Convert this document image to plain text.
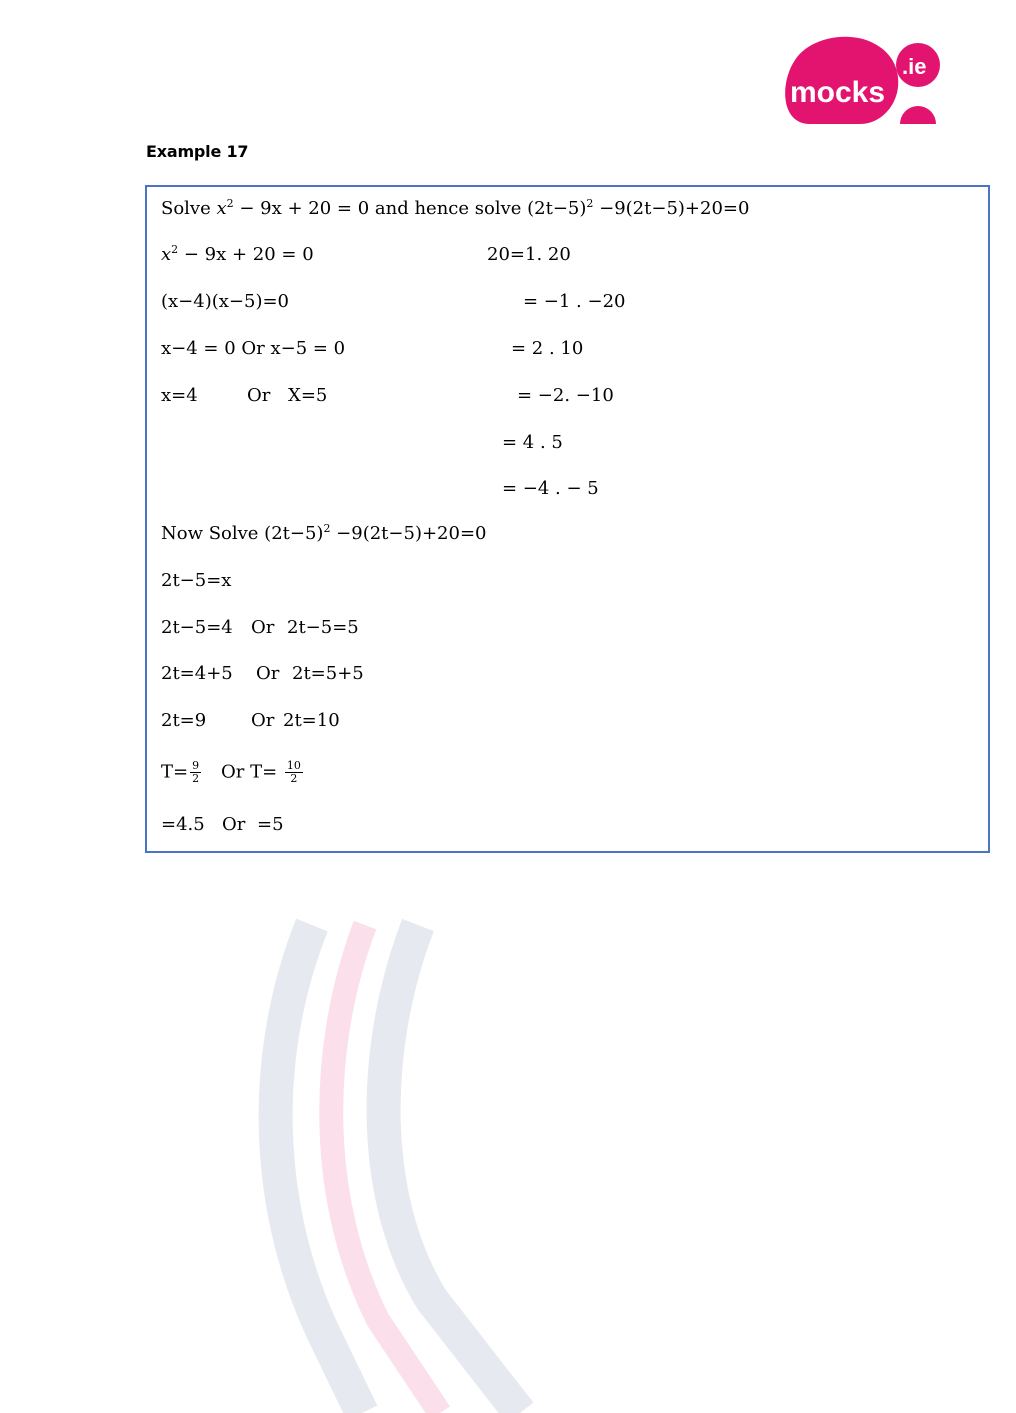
mocks
.ie
Example 17
Solve $x^2 - 9x + 20 = 0$ and hence solve $(2t-5)^2 -9(2t-5)+20=0$
$x^2 - 9x + 20 = 0$
(x−4)(x−5)=0
x−4 = 0 Or x−5 = 0
x=4	Or X=5
20=1. 20
= −1 . −20
= 2 . 10
= −2. −10
= 4 . 5
= −4 . − 5
Now Solve $(2t-5)^2 -9(2t-5)+20=0$
2t−5=x
2t−5=4 Or 2t−5=5
2t=4+5 Or 2t=5+5
2t=9 Or 2t=10
$T= \frac{9}{2}$ Or $T= \frac{10}{2}$
=4.5 Or =5
